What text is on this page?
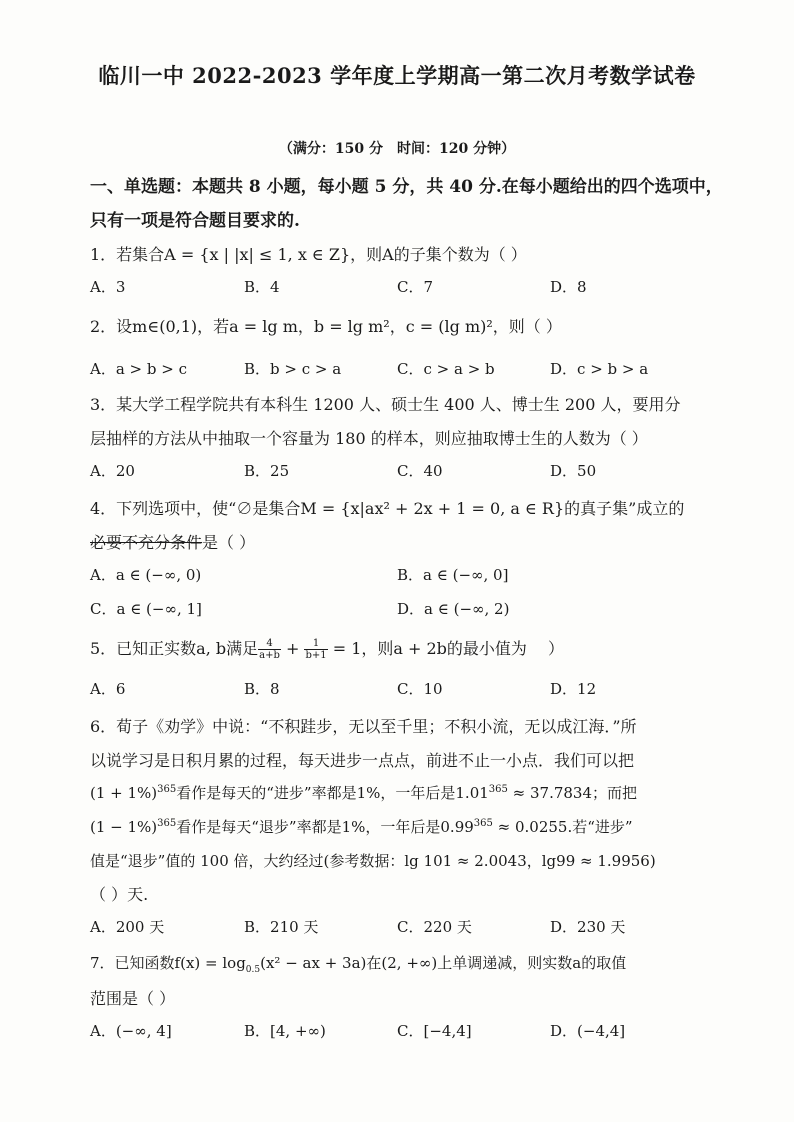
临川一中 2022-2023 学年度上学期高一第二次月考数学试卷
（满分：150 分　时间：120 分钟）
一、单选题：本题共 8 小题，每小题 5 分，共 40 分.在每小题给出的四个选项中，
只有一项是符合题目要求的.
1．若集合A = {x | |x| ≤ 1, x ∈ Z}，则A的子集个数为（ ）
A．3	B．4	C．7	D．8
2．设m∈(0,1)，若a = lg m，b = lg m²，c = (lg m)²，则（ ）
A．a > b > c	B．b > c > a	C．c > a > b	D．c > b > a
3．某大学工程学院共有本科生 1200 人、硕士生 400 人、博士生 200 人，要用分
层抽样的方法从中抽取一个容量为 180 的样本，则应抽取博士生的人数为（ ）
A．20	B．25	C．40	D．50
4．下列选项中，使“∅是集合M = {x|ax² + 2x + 1 = 0, a ∈ R}的真子集”成立的
必要不充分条件是（ ）
A．a ∈ (−∞, 0)	B．a ∈ (−∞, 0]
C．a ∈ (−∞, 1]	D．a ∈ (−∞, 2)
5．已知正实数a, b满足 $\frac{4}{a+b} + \frac{1}{b+1} = 1$，则a + 2b的最小值为　 ）
A．6	B．8	C．10	D．12
6．荀子《劝学》中说：“不积跬步，无以至千里；不积小流，无以成江海．”所
以说学习是日积月累的过程，每天进步一点点，前进不止一小点．我们可以把
$(1 + 1\%)^{365}$看作是每天的“进步”率都是1%，一年后是$1.01^{365} \approx 37.7834$；而把
$(1 - 1\%)^{365}$看作是每天“退步”率都是1%，一年后是$0.99^{365} \approx 0.0255$.若“进步”
值是“退步”值的 100 倍，大约经过(参考数据：lg 101 ≈ 2.0043，lg99 ≈ 1.9956)
（ ）天.
A．200 天	B．210 天	C．220 天	D．230 天
7．已知函数$f(x) = \log_{0.5}(x^2$ − ax + 3a)在(2, +∞)上单调递减，则实数a的取值
范围是（ ）
A．(−∞, 4]	B．[4, +∞)	C．[−4,4]	D．(−4,4]
